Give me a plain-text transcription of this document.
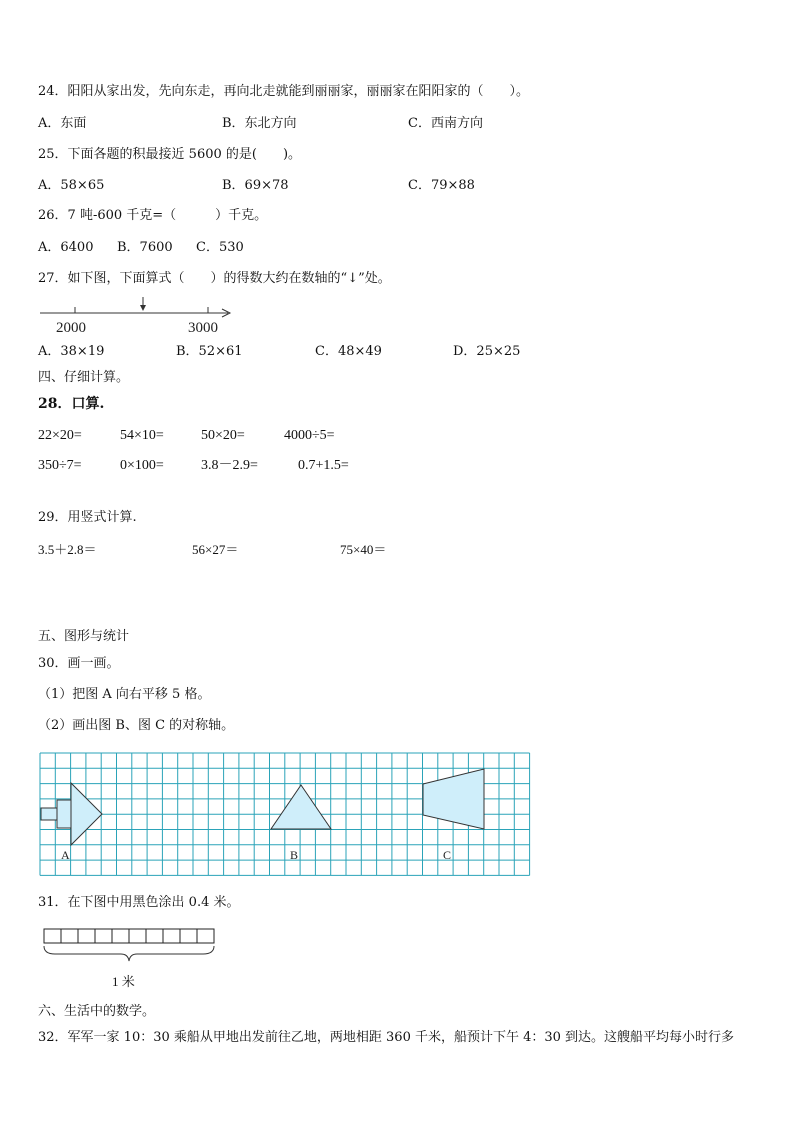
24．阳阳从家出发，先向东走，再向北走就能到丽丽家，丽丽家在阳阳家的（　　）。
A．东面	B．东北方向	C．西南方向
25．下面各题的积最接近 5600 的是(　　)。
A．58×65	B．69×78	C．79×88
26．7 吨-600 千克=（　　　）千克。
A．6400 B．7600 C．530
27．如下图，下面算式（　　）的得数大约在数轴的“↓”处。
2000	3000
A．38×19	B．52×61	C．48×49	D．25×25
四、仔细计算。
28．口算.
22×20=	54×10=	50×20=	4000÷5=
350÷7=	0×100=	3.8－2.9=	0.7+1.5=
29．用竖式计算.
3.5＋2.8＝	56×27＝	75×40＝
五、图形与统计
30．画一画。
（1）把图 A 向右平移 5 格。
（2）画出图 B、图 C 的对称轴。
A	B	C
31．在下图中用黑色涂出 0.4 米。
1 米
六、生活中的数学。
32．军军一家 10：30 乘船从甲地出发前往乙地，两地相距 360 千米，船预计下午 4：30 到达。这艘船平均每小时行多
